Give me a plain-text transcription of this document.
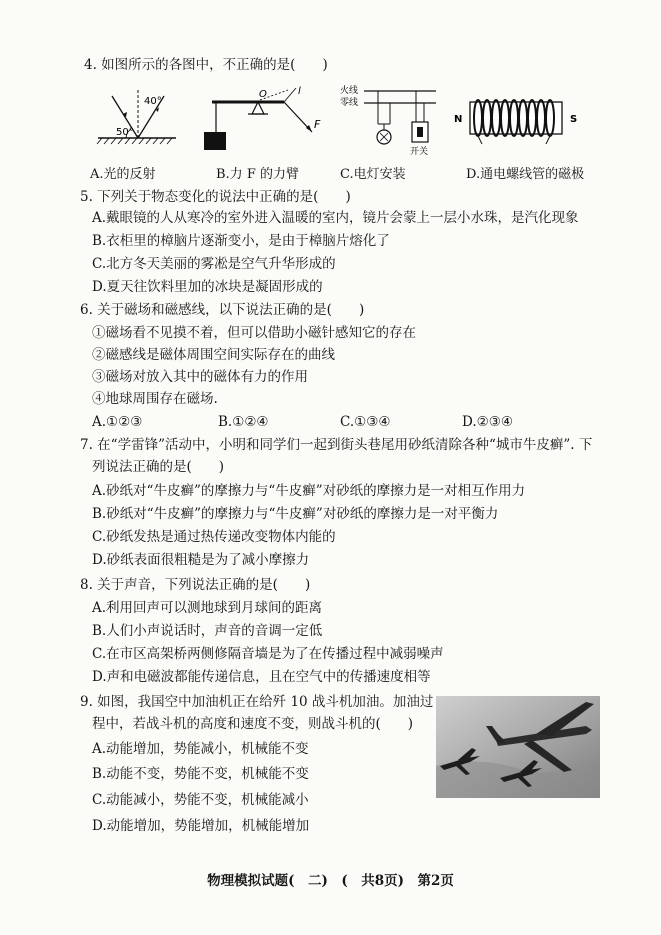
4. 如图所示的各图中，不正确的是(　　)
40°
50°
A.光的反射
O	l
F
B.力 F 的力臂
火线
零线
开关
C.电灯安装
N	S
D.通电螺线管的磁极
5. 下列关于物态变化的说法中正确的是(　　)
A.戴眼镜的人从寒冷的室外进入温暖的室内，镜片会蒙上一层小水珠，是汽化现象
B.衣柜里的樟脑片逐渐变小，是由于樟脑片熔化了
C.北方冬天美丽的雾凇是空气升华形成的
D.夏天往饮料里加的冰块是凝固形成的
6. 关于磁场和磁感线，以下说法正确的是(　　)
①磁场看不见摸不着，但可以借助小磁针感知它的存在
②磁感线是磁体周围空间实际存在的曲线
③磁场对放入其中的磁体有力的作用
④地球周围存在磁场.
A.①②③	B.①②④	C.①③④	D.②③④
7. 在“学雷锋”活动中，小明和同学们一起到街头巷尾用砂纸清除各种“城市牛皮癣”. 下
列说法正确的是(　　)
A.砂纸对“牛皮癣”的摩擦力与“牛皮癣”对砂纸的摩擦力是一对相互作用力
B.砂纸对“牛皮癣”的摩擦力与“牛皮癣”对砂纸的摩擦力是一对平衡力
C.砂纸发热是通过热传递改变物体内能的
D.砂纸表面很粗糙是为了减小摩擦力
8. 关于声音，下列说法正确的是(　　)
A.利用回声可以测地球到月球间的距离
B.人们小声说话时，声音的音调一定低
C.在市区高架桥两侧修隔音墙是为了在传播过程中减弱噪声
D.声和电磁波都能传递信息，且在空气中的传播速度相等
9. 如图，我国空中加油机正在给歼 10 战斗机加油。加油过
程中，若战斗机的高度和速度不变，则战斗机的(　　)
A.动能增加，势能减小，机械能不变
B.动能不变，势能不变，机械能不变
C.动能减小，势能不变，机械能减小
D.动能增加，势能增加，机械能增加
物理模拟试题(　二)　(　共8页)　第2页
